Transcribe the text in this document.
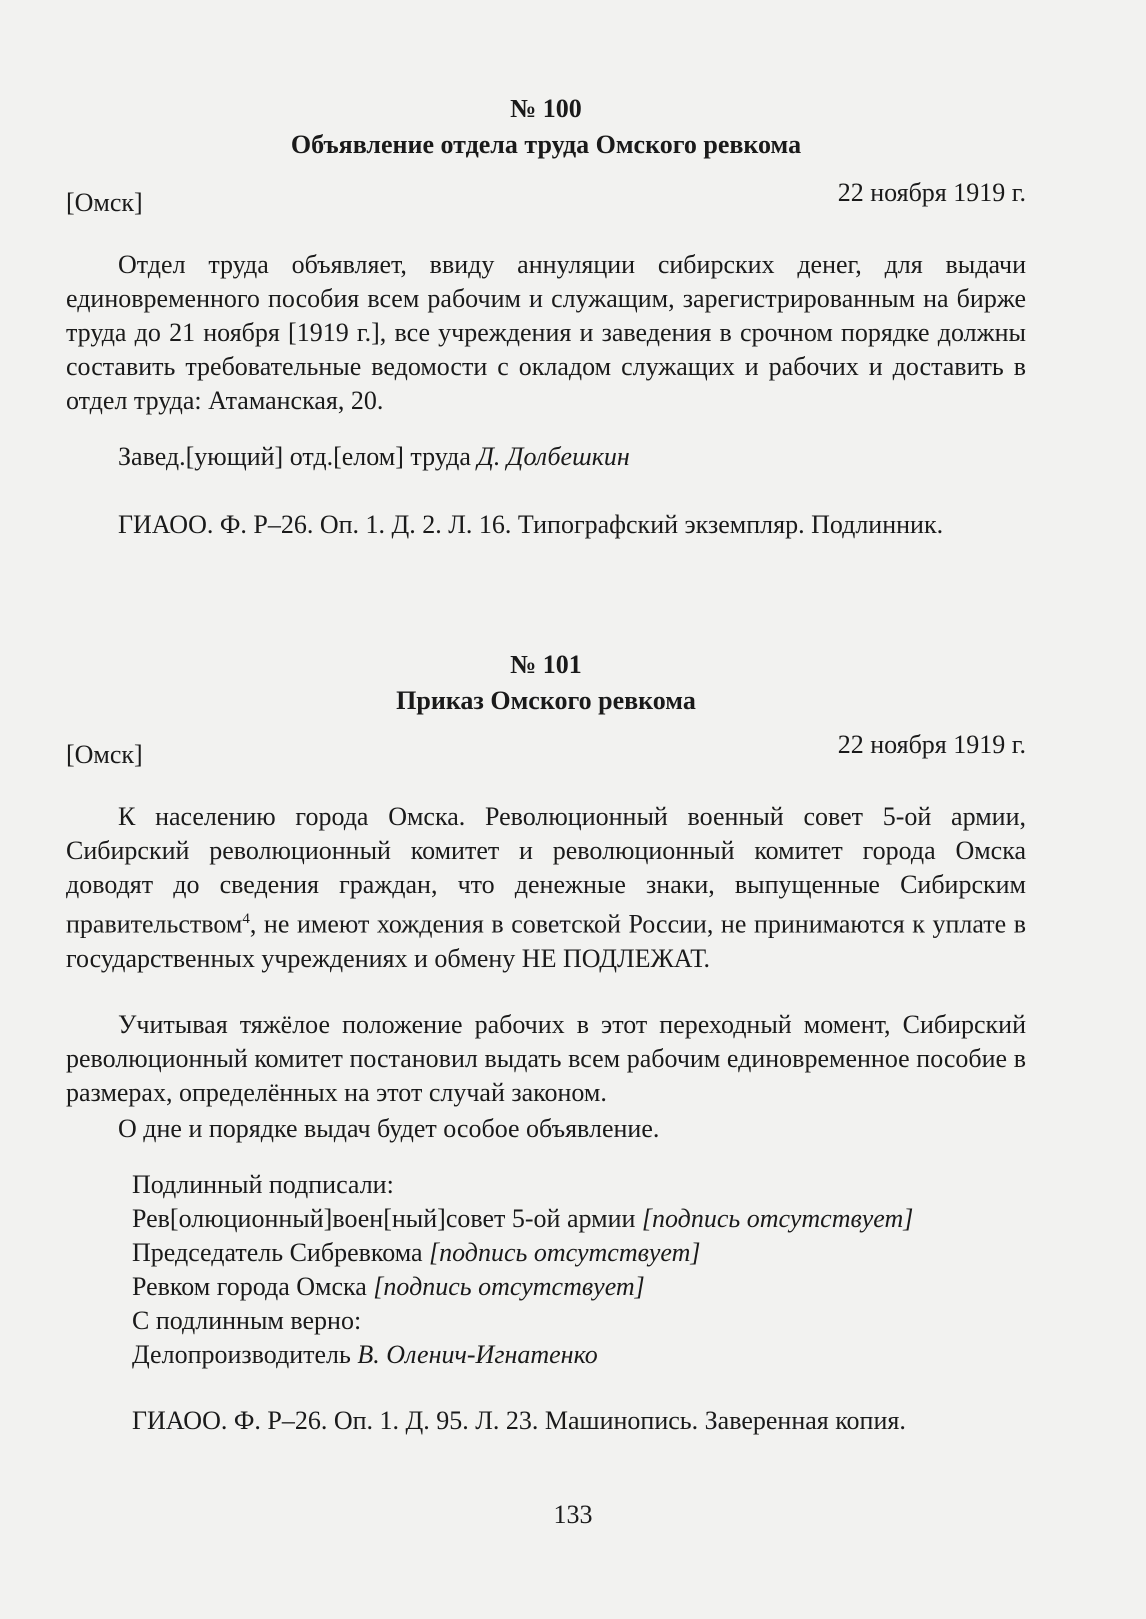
№ 100
Объявление отдела труда Омского ревкома
[Омск]	22 ноября 1919 г.
Отдел труда объявляет, ввиду аннуляции сибирских денег, для выдачи единовременного пособия всем рабочим и служащим, зарегистрированным на бирже труда до 21 ноября [1919 г.], все учреждения и заведения в срочном порядке должны составить требовательные ведомости с окладом служащих и рабочих и доставить в отдел труда: Атаманская, 20.
Завед.[ующий] отд.[елом] труда Д. Долбешкин
ГИАОО. Ф. Р–26. Оп. 1. Д. 2. Л. 16. Типографский экземпляр. Подлинник.
№ 101
Приказ Омского ревкома
[Омск]	22 ноября 1919 г.
К населению города Омска. Революционный военный совет 5-ой армии, Сибирский революционный комитет и революционный комитет города Омска доводят до сведения граждан, что денежные знаки, выпущенные Сибирским правительством$^4$, не имеют хождения в советской России, не принимаются к уплате в государственных учреждениях и обмену НЕ ПОДЛЕЖАТ.
Учитывая тяжёлое положение рабочих в этот переходный момент, Сибирский революционный комитет постановил выдать всем рабочим единовременное пособие в размерах, определённых на этот случай законом.
О дне и порядке выдач будет особое объявление.
Подлинный подписали:
Рев[олюционный]воен[ный]совет 5-ой армии [подпись отсутствует]
Председатель Сибревкома [подпись отсутствует]
Ревком города Омска [подпись отсутствует]
С подлинным верно:
Делопроизводитель В. Оленич-Игнатенко
ГИАОО. Ф. Р–26. Оп. 1. Д. 95. Л. 23. Машинопись. Заверенная копия.
133
